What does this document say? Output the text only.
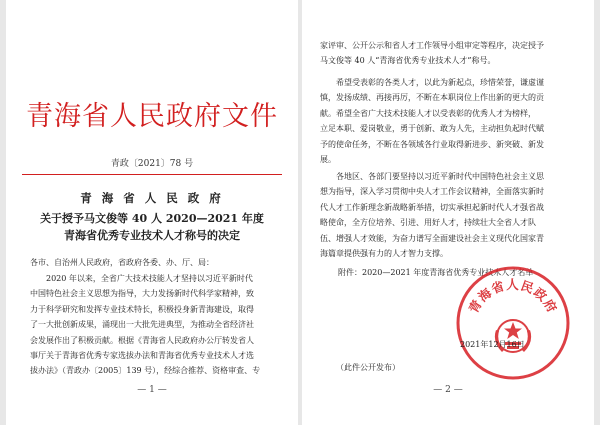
青海省人民政府文件
青政〔2021〕78 号
青 海 省 人 民 政 府
关于授予马文俊等 40 人 2020—2021 年度
青海省优秀专业技术人才称号的决定
各市、自治州人民政府，省政府各委、办、厅、局：
　　2020 年以来，全省广大技术技能人才坚持以习近平新时代
中国特色社会主义思想为指导，大力发扬新时代科学家精神，致
力于科学研究和发挥专业技术特长，积极投身新青海建设，取得
了一大批创新成果，涌现出一大批先进典型，为推动全省经济社
会发展作出了积极贡献。根据《青海省人民政府办公厅转发省人
事厅关于青海省优秀专家选拔办法和青海省优秀专业技术人才选
拔办法》（青政办〔2005〕139 号），经综合推荐、资格审查、专
— 1 —
家评审、公开公示和省人才工作领导小组审定等程序，决定授予
马文俊等 40 人“青海省优秀专业技术人才”称号。
　　希望受表彰的各类人才，以此为新起点，珍惜荣誉，谦虚谨
慎，发扬成绩、再接再厉，不断在本职岗位上作出新的更大的贡
献。希望全省广大技术技能人才以受表彰的优秀人才为榜样，
立足本职、爱岗敬业，勇于创新、敢为人先，主动担负起时代赋
予的使命任务，不断在各领域各行业取得新进步、新突破、新发
展。
　　各地区、各部门要坚持以习近平新时代中国特色社会主义思
想为指导，深入学习贯彻中央人才工作会议精神，全面落实新时
代人才工作新理念新战略新举措，切实承担起新时代人才强省战
略使命，全方位培养、引进、用好人才，持续壮大全省人才队
伍、增强人才效能，为奋力谱写全面建设社会主义现代化国家青
海篇章提供强有力的人才智力支撑。
附件：2020—2021 年度青海省优秀专业技术人才名单
青海省人民政府
2021年12月16日
（此件公开发布）
— 2 —
